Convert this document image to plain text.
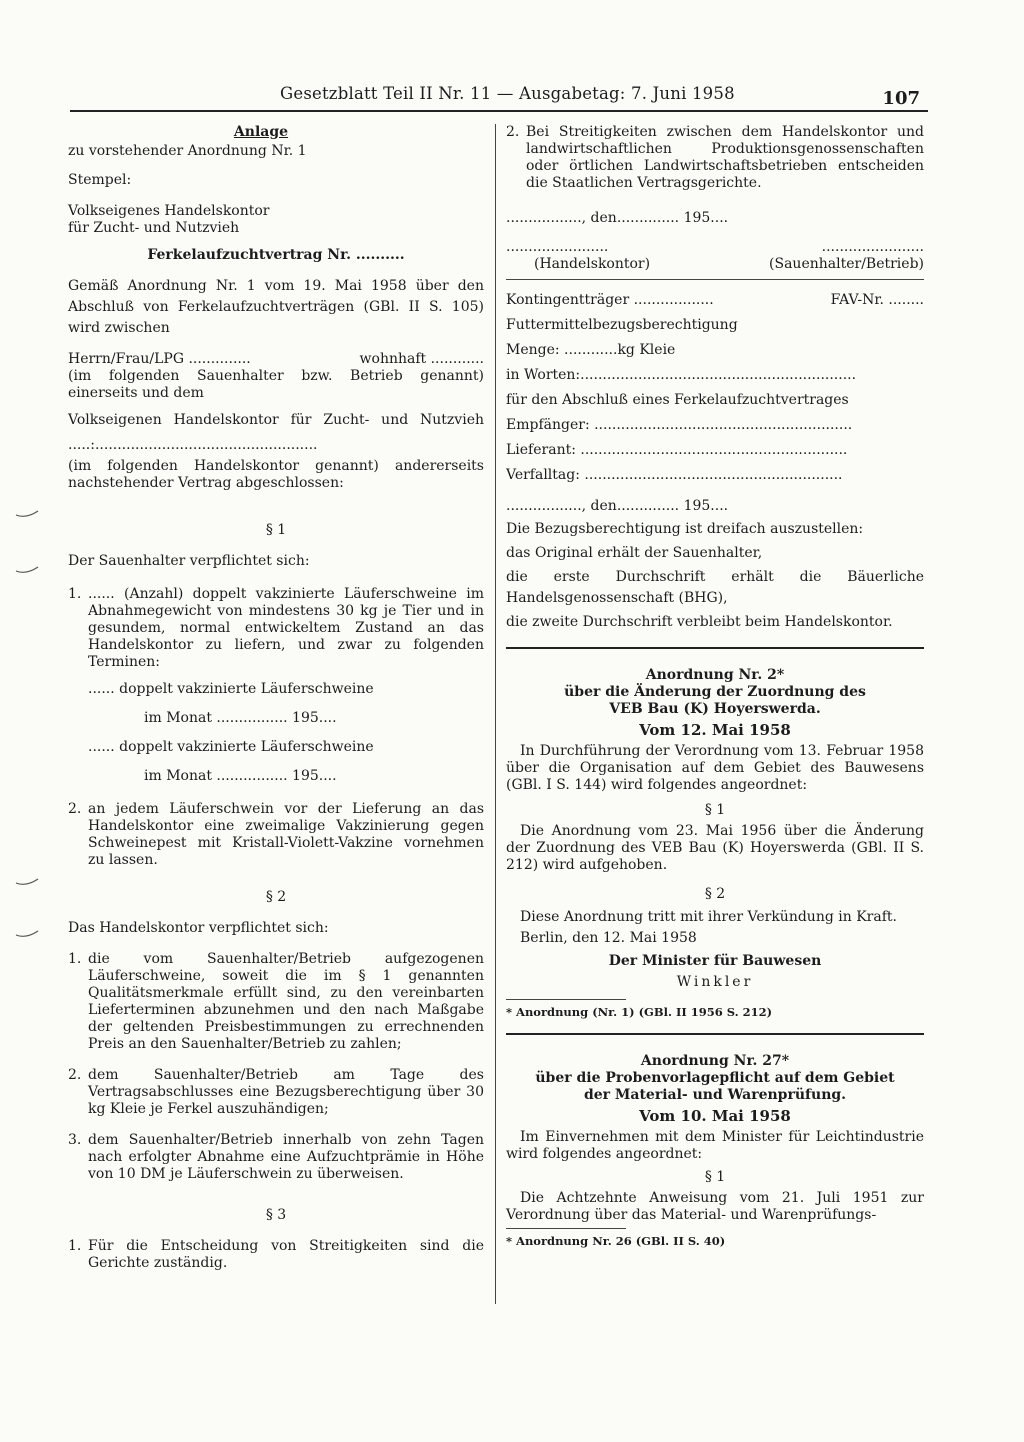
Gesetzblatt Teil II Nr. 11 — Ausgabetag: 7. Juni 1958	107
Anlage
zu vorstehender Anordnung Nr. 1
Stempel:
Volkseigenes Handelskontor
für Zucht- und Nutzvieh
Ferkelaufzuchtvertrag Nr. ..........
Gemäß Anordnung Nr. 1 vom 19. Mai 1958 über den
Abschluß von Ferkelaufzuchtverträgen (GBl. II S. 105)
wird zwischen
Herrn/Frau/LPG ..............	wohnhaft ............
(im folgenden Sauenhalter bzw. Betrieb genannt) einerseits und dem
Volkseigenen Handelskontor für Zucht- und Nutzvieh
.....:..................................................
(im folgenden Handelskontor genannt) andererseits nachstehender Vertrag abgeschlossen:
§ 1
Der Sauenhalter verpflichtet sich:
1. ...... (Anzahl) doppelt vakzinierte Läuferschweine im Abnahmegewicht von mindestens 30 kg je Tier und in gesundem, normal entwickeltem Zustand an das Handelskontor zu liefern, und zwar zu folgenden Terminen:
...... doppelt vakzinierte Läuferschweine
im Monat ................ 195....
...... doppelt vakzinierte Läuferschweine
im Monat ................ 195....
2. an jedem Läuferschwein vor der Lieferung an das Handelskontor eine zweimalige Vakzinierung gegen Schweinepest mit Kristall-Violett-Vakzine vornehmen zu lassen.
§ 2
Das Handelskontor verpflichtet sich:
1. die vom Sauenhalter/Betrieb aufgezogenen Läuferschweine, soweit die im § 1 genannten Qualitätsmerkmale erfüllt sind, zu den vereinbarten Lieferterminen abzunehmen und den nach Maßgabe der geltenden Preisbestimmungen zu errechnenden Preis an den Sauenhalter/Betrieb zu zahlen;
2. dem Sauenhalter/Betrieb am Tage des Vertragsabschlusses eine Bezugsberechtigung über 30 kg Kleie je Ferkel auszuhändigen;
3. dem Sauenhalter/Betrieb innerhalb von zehn Tagen nach erfolgter Abnahme eine Aufzuchtprämie in Höhe von 10 DM je Läuferschwein zu überweisen.
§ 3
1. Für die Entscheidung von Streitigkeiten sind die Gerichte zuständig.
2. Bei Streitigkeiten zwischen dem Handelskontor und landwirtschaftlichen Produktionsgenossenschaften oder örtlichen Landwirtschaftsbetrieben entscheiden die Staatlichen Vertragsgerichte.
................., den.............. 195....
.......................	.......................
(Handelskontor)	(Sauenhalter/Betrieb)
Kontingentträger ..................	FAV-Nr. ........
Futtermittelbezugsberechtigung
Menge: ............kg Kleie
in Worten:..............................................................
für den Abschluß eines Ferkelaufzuchtvertrages
Empfänger: ..........................................................
Lieferant: ............................................................
Verfalltag: ..........................................................
................., den.............. 195....
Die Bezugsberechtigung ist dreifach auszustellen:
das Original erhält der Sauenhalter,
die erste Durchschrift erhält die Bäuerliche Handelsgenossenschaft (BHG),
die zweite Durchschrift verbleibt beim Handelskontor.
Anordnung Nr. 2*
über die Änderung der Zuordnung des
VEB Bau (K) Hoyerswerda.
Vom 12. Mai 1958
In Durchführung der Verordnung vom 13. Februar 1958 über die Organisation auf dem Gebiet des Bauwesens (GBl. I S. 144) wird folgendes angeordnet:
§ 1
Die Anordnung vom 23. Mai 1956 über die Änderung der Zuordnung des VEB Bau (K) Hoyerswerda (GBl. II S. 212) wird aufgehoben.
§ 2
Diese Anordnung tritt mit ihrer Verkündung in Kraft.
Berlin, den 12. Mai 1958
Der Minister für Bauwesen
Winkler
* Anordnung (Nr. 1) (GBl. II 1956 S. 212)
Anordnung Nr. 27*
über die Probenvorlagepflicht auf dem Gebiet
der Material- und Warenprüfung.
Vom 10. Mai 1958
Im Einvernehmen mit dem Minister für Leichtindustrie wird folgendes angeordnet:
§ 1
Die Achtzehnte Anweisung vom 21. Juli 1951 zur Verordnung über das Material- und Warenprüfungs-
* Anordnung Nr. 26 (GBl. II S. 40)
